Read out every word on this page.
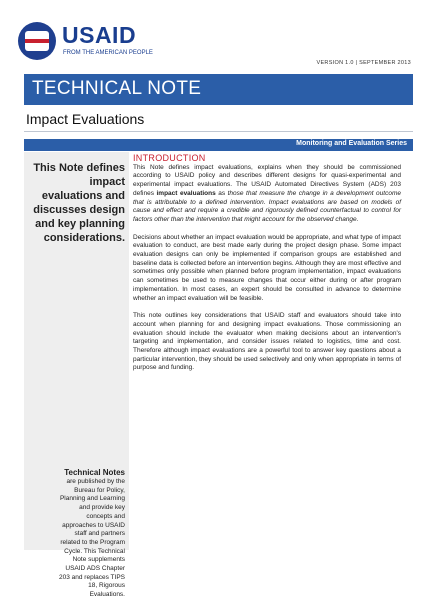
USAID
FROM THE AMERICAN PEOPLE
VERSION 1.0 | SEPTEMBER 2013
TECHNICAL NOTE
Impact Evaluations
Monitoring and Evaluation Series
This Note defines impact evaluations and discusses design and key planning considerations.
Technical Notes
are published by the Bureau for Policy, Planning and Learning and provide key concepts and approaches to USAID staff and partners related to the Program Cycle. This Technical Note supplements USAID ADS Chapter 203 and replaces TIPS 18, Rigorous Evaluations.
INTRODUCTION

This Note defines impact evaluations, explains when they should be commissioned according to USAID policy and describes different designs for quasi-experimental and experimental impact evaluations. The USAID Automated Directives System (ADS) 203 defines impact evaluations as those that measure the change in a development outcome that is attributable to a defined intervention. Impact evaluations are based on models of cause and effect and require a credible and rigorously defined counterfactual to control for factors other than the intervention that might account for the observed change.

Decisions about whether an impact evaluation would be appropriate, and what type of impact evaluation to conduct, are best made early during the project design phase. Some impact evaluation designs can only be implemented if comparison groups are established and baseline data is collected before an intervention begins. Although they are most effective and sometimes only possible when planned before program implementation, impact evaluations can sometimes be used to measure changes that occur either during or after program implementation. In most cases, an expert should be consulted in advance to determine whether an impact evaluation will be feasible.

This note outlines key considerations that USAID staff and evaluators should take into account when planning for and designing impact evaluations. Those commissioning an evaluation should include the evaluator when making decisions about an intervention's targeting and implementation, and consider issues related to logistics, time and cost. Therefore although impact evaluations are a powerful tool to answer key questions about a particular intervention, they should be used selectively and only when appropriate in terms of purpose and funding.
